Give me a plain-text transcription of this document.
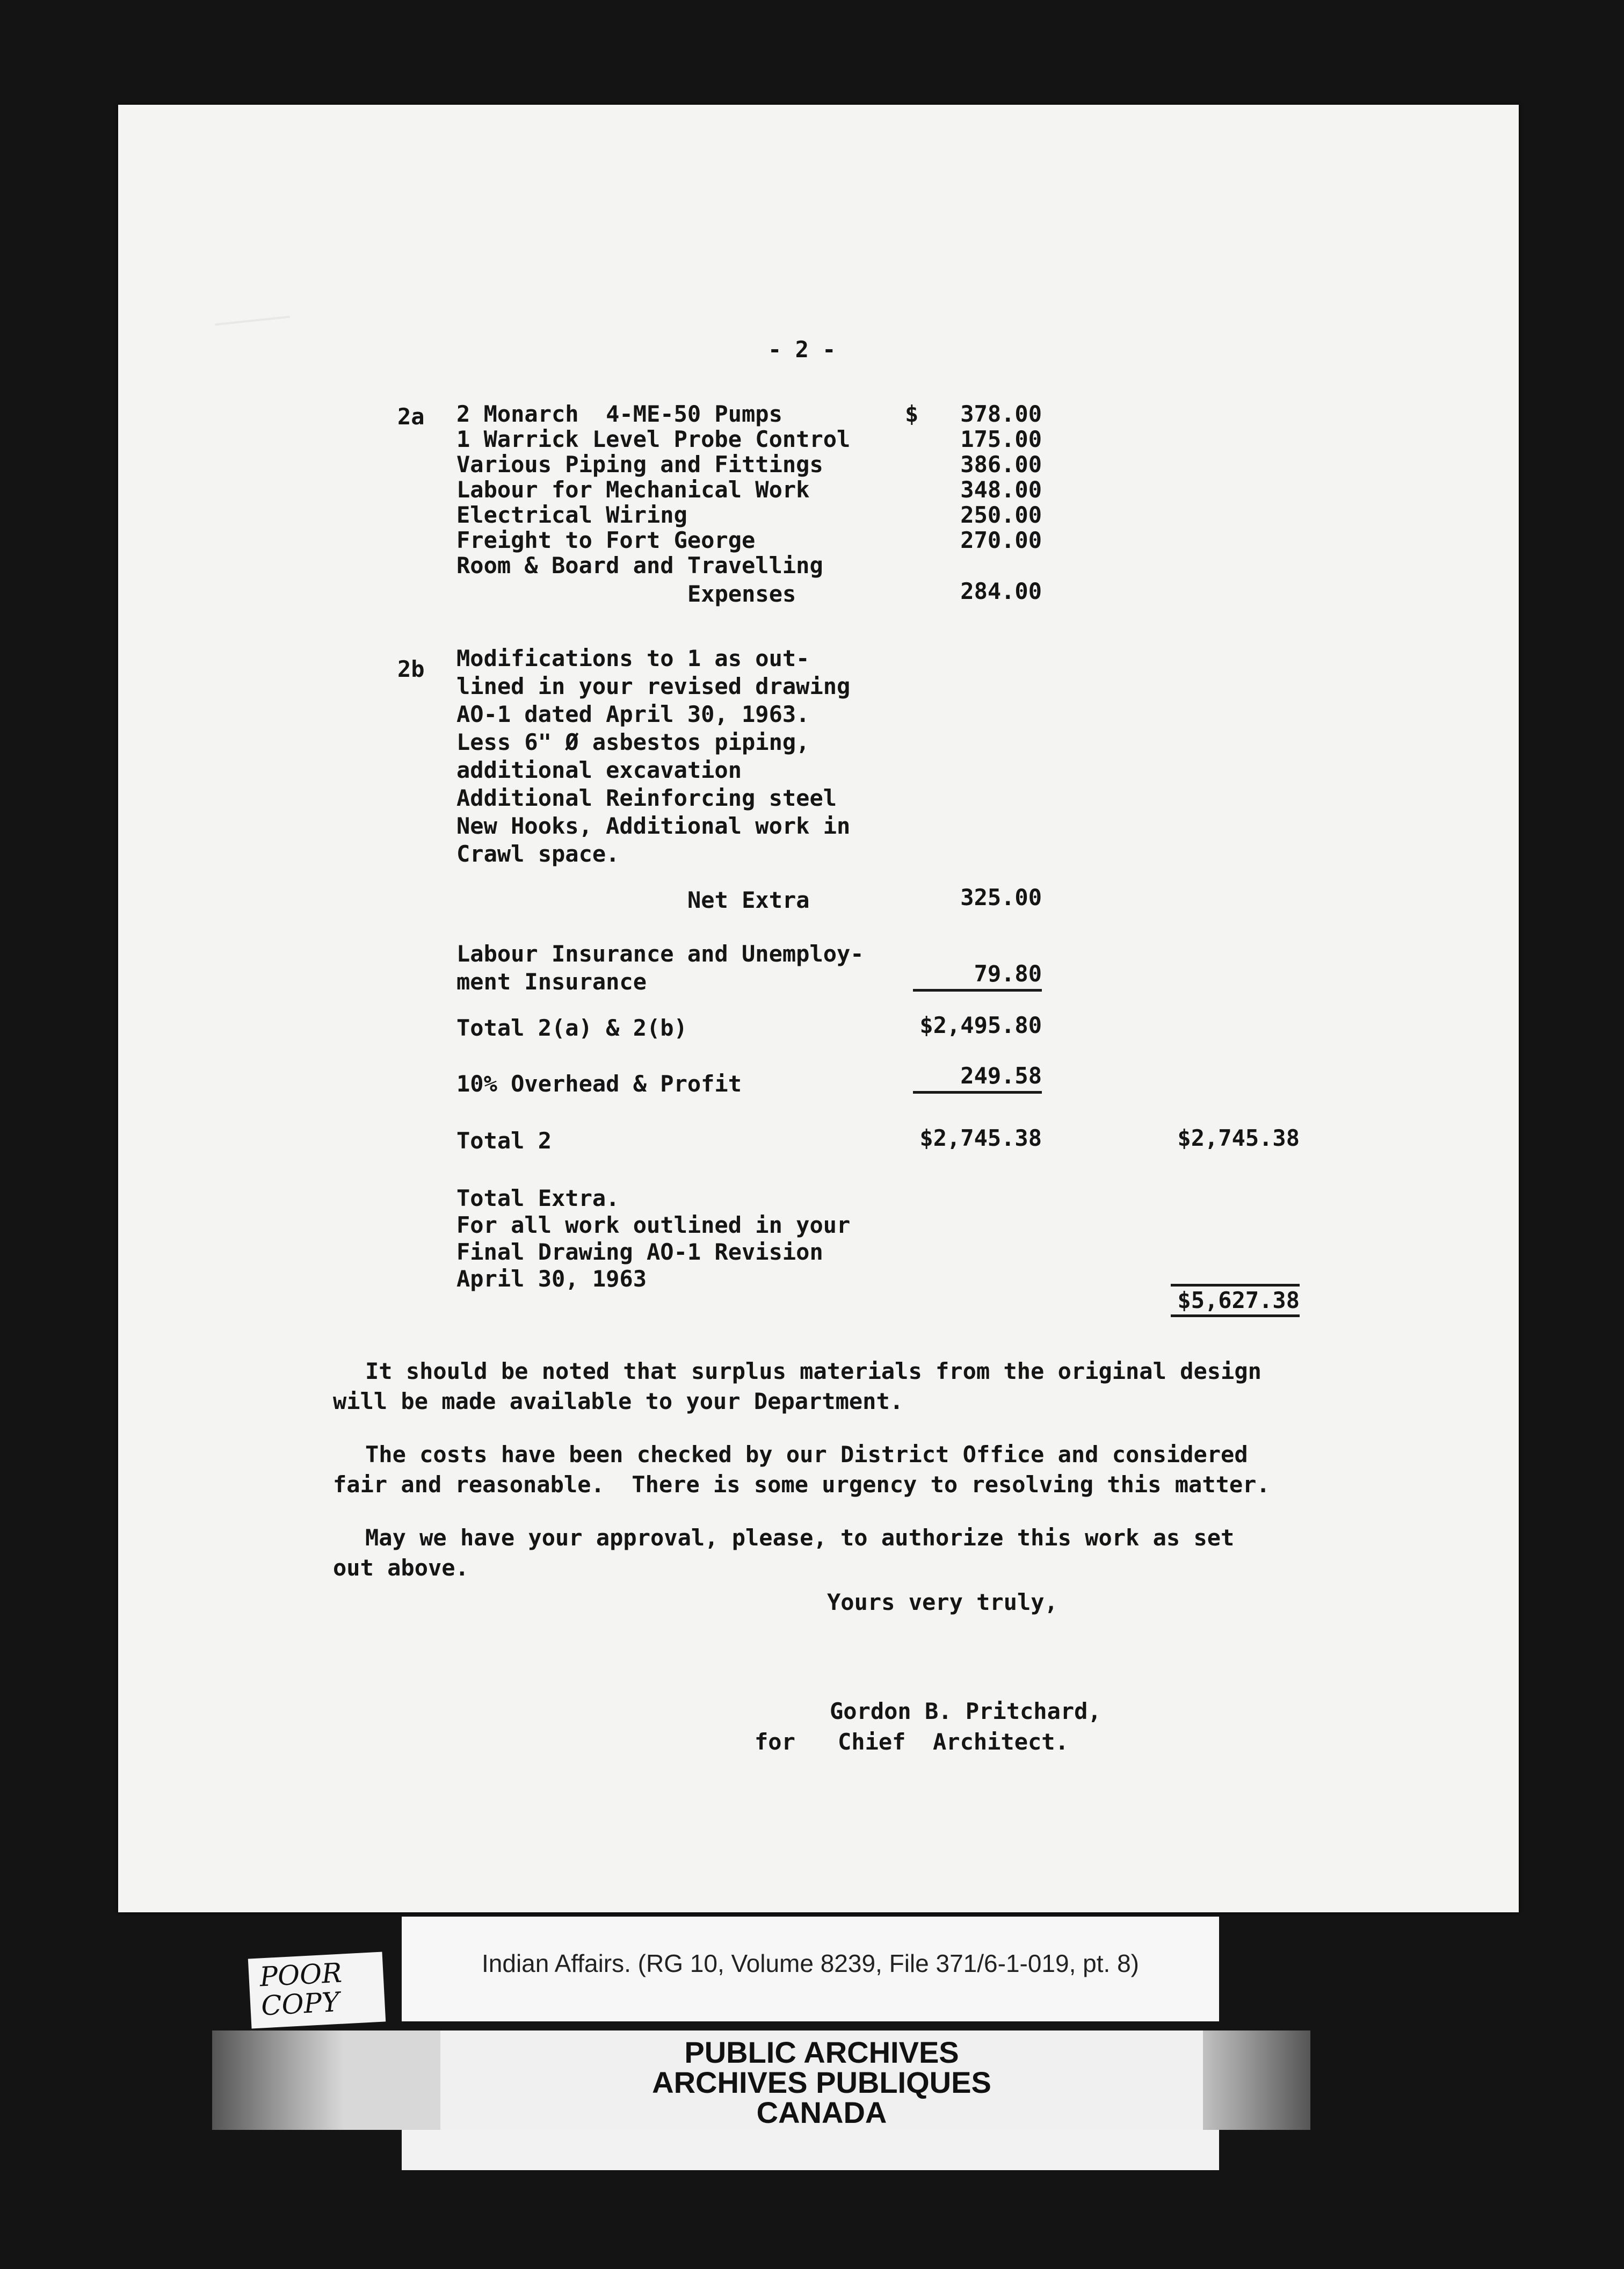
- 2 -
2a 2 Monarch  4-ME-50 Pumps	$	378.00
1 Warrick Level Probe Control	175.00
Various Piping and Fittings	386.00
Labour for Mechanical Work	348.00
Electrical Wiring	250.00
Freight to Fort George	270.00
Room & Board and Travelling
Expenses	284.00
2b Modifications to 1 as out-
lined in your revised drawing
AO-1 dated April 30, 1963.
Less 6" Ø asbestos piping,
additional excavation
Additional Reinforcing steel
New Hooks, Additional work in
Crawl space.
Net Extra	325.00
Labour Insurance and Unemploy-
ment Insurance	79.80
Total 2(a) & 2(b)	$2,495.80
10% Overhead & Profit	249.58
Total 2	$2,745.38	$2,745.38
Total Extra.
For all work outlined in your
Final Drawing AO-1 Revision
April 30, 1963
$5,627.38
It should be noted that surplus materials from the original design
will be made available to your Department.
The costs have been checked by our District Office and considered
fair and reasonable.  There is some urgency to resolving this matter.
May we have your approval, please, to authorize this work as set
out above.
Yours very truly,
Gordon B. Pritchard,
for Chief  Architect.
POOR
COPY
Indian Affairs. (RG 10, Volume 8239, File 371/6-1-019, pt. 8)
PUBLIC ARCHIVES
ARCHIVES PUBLIQUES
CANADA
